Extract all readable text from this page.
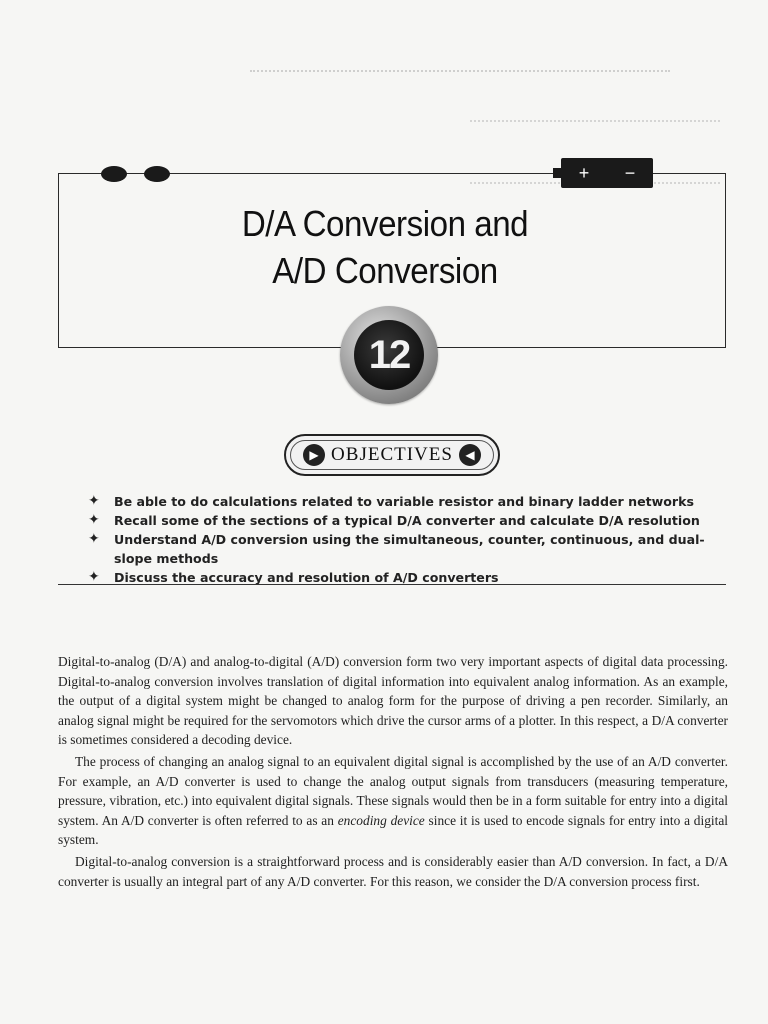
+ −
D/A Conversion and
A/D Conversion
12
▶ OBJECTIVES	◀
✦	Be able to do calculations related to variable resistor and binary ladder networks
✦	Recall some of the sections of a typical D/A converter and calculate D/A resolution
✦	Understand A/D conversion using the simultaneous, counter, continuous, and dual-slope methods
✦	Discuss the accuracy and resolution of A/D converters

Digital-to-analog (D/A) and analog-to-digital (A/D) conversion form two very important aspects of digital data processing. Digital-to-analog conversion involves translation of digital information into equivalent analog information. As an example, the output of a digital system might be changed to analog form for the purpose of driving a pen recorder. Similarly, an analog signal might be required for the servomotors which drive the cursor arms of a plotter. In this respect, a D/A converter is sometimes considered a decoding device.

The process of changing an analog signal to an equivalent digital signal is accomplished by the use of an A/D converter. For example, an A/D converter is used to change the analog output signals from transducers (measuring temperature, pressure, vibration, etc.) into equivalent digital signals. These signals would then be in a form suitable for entry into a digital system. An A/D converter is often referred to as an encoding device since it is used to encode signals for entry into a digital system.

Digital-to-analog conversion is a straightforward process and is considerably easier than A/D conversion. In fact, a D/A converter is usually an integral part of any A/D converter. For this reason, we consider the D/A conversion process first.
